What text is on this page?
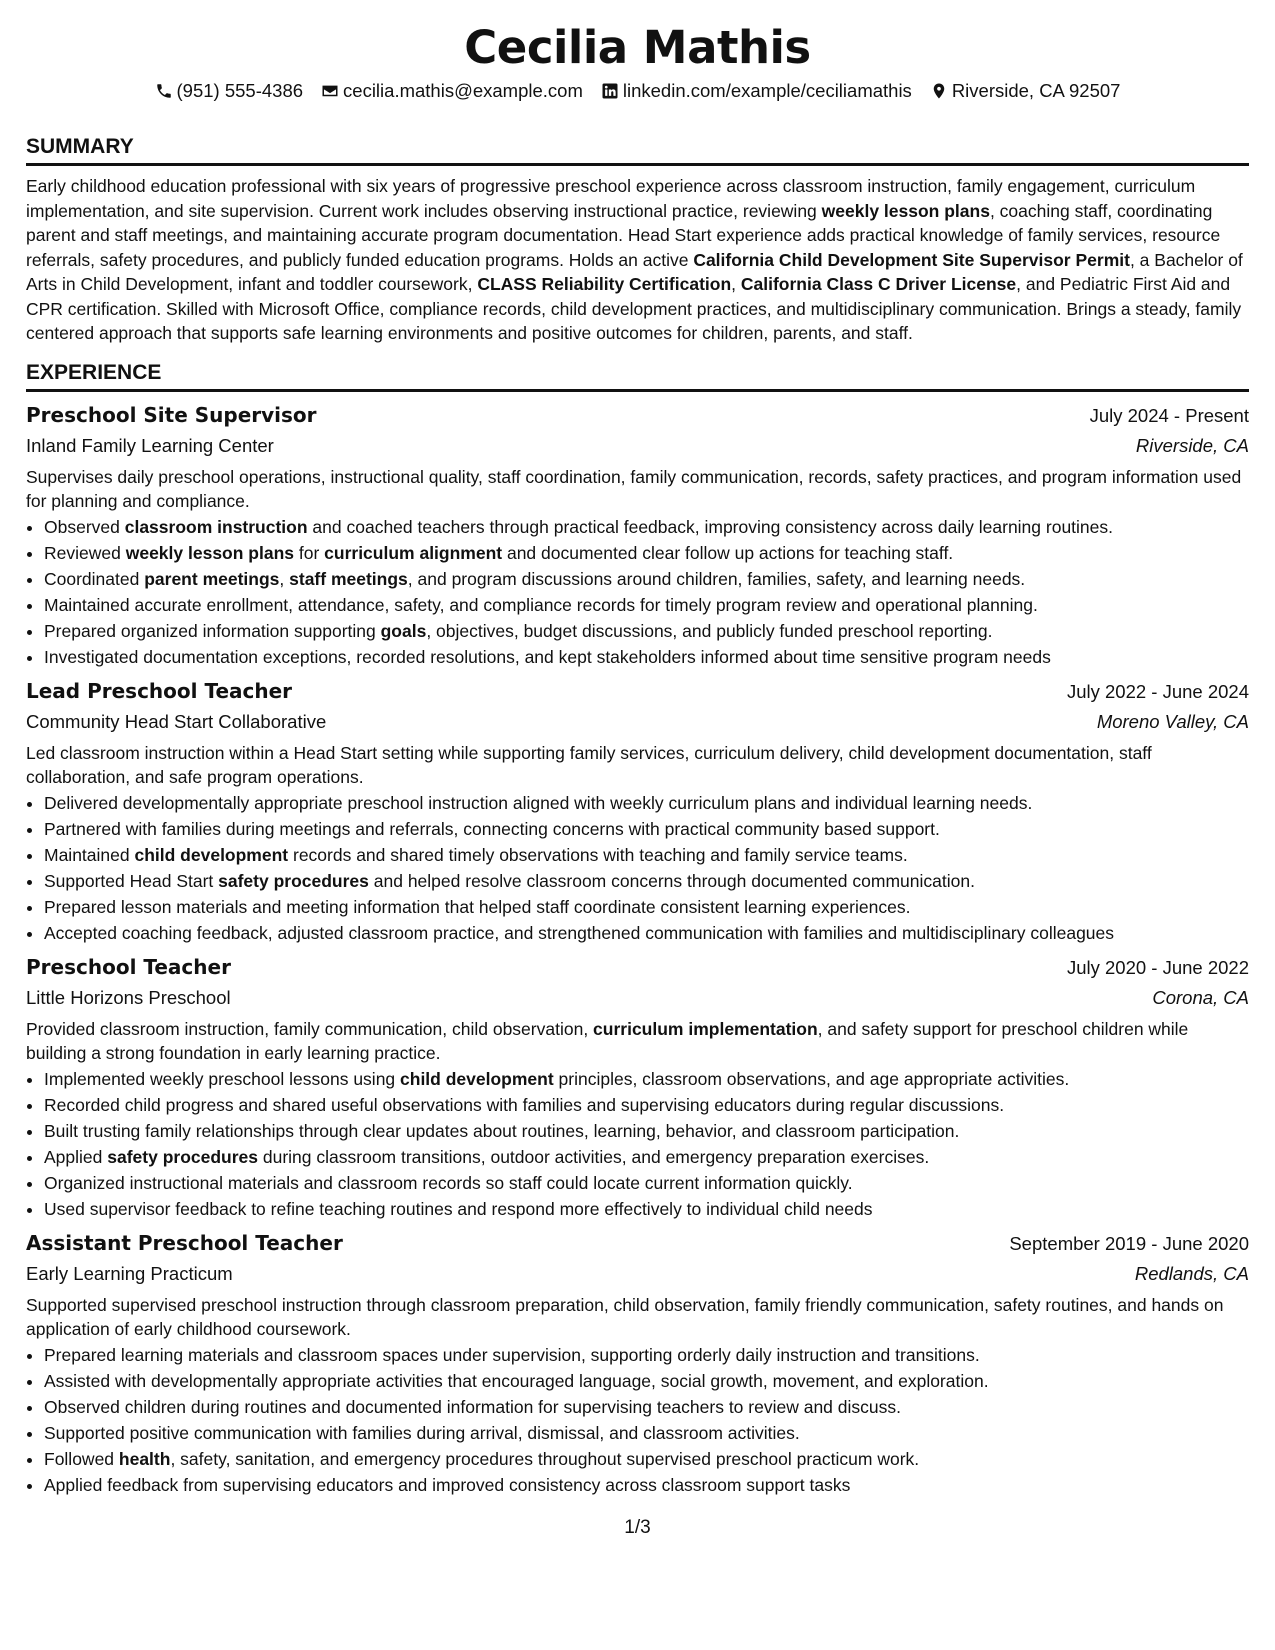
Cecilia Mathis
(951) 555-4386 cecilia.mathis@example.com linkedin.com/example/ceciliamathis Riverside, CA 92507
SUMMARY
Early childhood education professional with six years of progressive preschool experience across classroom instruction, family engagement, curriculum implementation, and site supervision. Current work includes observing instructional practice, reviewing weekly lesson plans, coaching staff, coordinating parent and staff meetings, and maintaining accurate program documentation. Head Start experience adds practical knowledge of family services, resource referrals, safety procedures, and publicly funded education programs. Holds an active California Child Development Site Supervisor Permit, a Bachelor of Arts in Child Development, infant and toddler coursework, CLASS Reliability Certification, California Class C Driver License, and Pediatric First Aid and CPR certification. Skilled with Microsoft Office, compliance records, child development practices, and multidisciplinary communication. Brings a steady, family centered approach that supports safe learning environments and positive outcomes for children, parents, and staff.
EXPERIENCE
Preschool Site Supervisor	July 2024 - Present
Inland Family Learning Center	Riverside, CA
Supervises daily preschool operations, instructional quality, staff coordination, family communication, records, safety practices, and program information used for planning and compliance.
• Observed classroom instruction and coached teachers through practical feedback, improving consistency across daily learning routines.
• Reviewed weekly lesson plans for curriculum alignment and documented clear follow up actions for teaching staff.
• Coordinated parent meetings, staff meetings, and program discussions around children, families, safety, and learning needs.
• Maintained accurate enrollment, attendance, safety, and compliance records for timely program review and operational planning.
• Prepared organized information supporting goals, objectives, budget discussions, and publicly funded preschool reporting.
• Investigated documentation exceptions, recorded resolutions, and kept stakeholders informed about time sensitive program needs
Lead Preschool Teacher	July 2022 - June 2024
Community Head Start Collaborative	Moreno Valley, CA
Led classroom instruction within a Head Start setting while supporting family services, curriculum delivery, child development documentation, staff collaboration, and safe program operations.
• Delivered developmentally appropriate preschool instruction aligned with weekly curriculum plans and individual learning needs.
• Partnered with families during meetings and referrals, connecting concerns with practical community based support.
• Maintained child development records and shared timely observations with teaching and family service teams.
• Supported Head Start safety procedures and helped resolve classroom concerns through documented communication.
• Prepared lesson materials and meeting information that helped staff coordinate consistent learning experiences.
• Accepted coaching feedback, adjusted classroom practice, and strengthened communication with families and multidisciplinary colleagues
Preschool Teacher	July 2020 - June 2022
Little Horizons Preschool	Corona, CA
Provided classroom instruction, family communication, child observation, curriculum implementation, and safety support for preschool children while building a strong foundation in early learning practice.
• Implemented weekly preschool lessons using child development principles, classroom observations, and age appropriate activities.
• Recorded child progress and shared useful observations with families and supervising educators during regular discussions.
• Built trusting family relationships through clear updates about routines, learning, behavior, and classroom participation.
• Applied safety procedures during classroom transitions, outdoor activities, and emergency preparation exercises.
• Organized instructional materials and classroom records so staff could locate current information quickly.
• Used supervisor feedback to refine teaching routines and respond more effectively to individual child needs
Assistant Preschool Teacher	September 2019 - June 2020
Early Learning Practicum	Redlands, CA
Supported supervised preschool instruction through classroom preparation, child observation, family friendly communication, safety routines, and hands on application of early childhood coursework.
• Prepared learning materials and classroom spaces under supervision, supporting orderly daily instruction and transitions.
• Assisted with developmentally appropriate activities that encouraged language, social growth, movement, and exploration.
• Observed children during routines and documented information for supervising teachers to review and discuss.
• Supported positive communication with families during arrival, dismissal, and classroom activities.
• Followed health, safety, sanitation, and emergency procedures throughout supervised preschool practicum work.
• Applied feedback from supervising educators and improved consistency across classroom support tasks
1/3
